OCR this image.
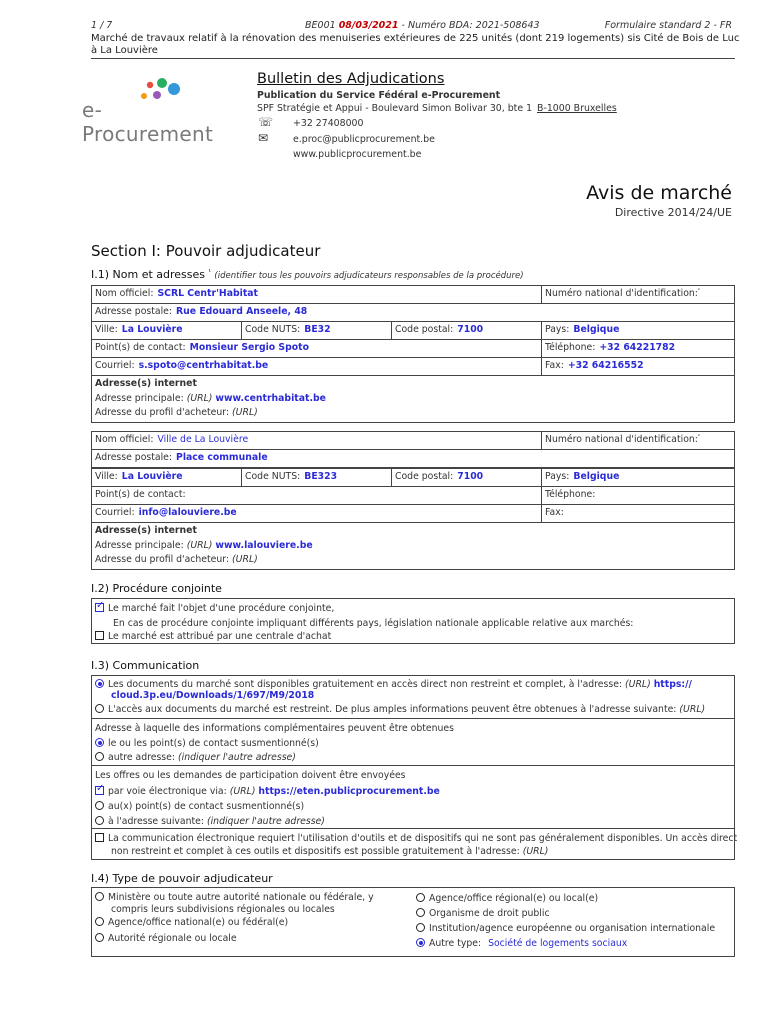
1 / 7	BE001 08/03/2021 - Numéro BDA: 2021-508643	Formulaire standard 2 - FR
Marché de travaux relatif à la rénovation des menuiseries extérieures de 225 unités (dont 219 logements) sis Cité de Bois de Luc
à La Louvière
e-Procurement
Bulletin des Adjudications
Publication du Service Fédéral e-Procurement
SPF Stratégie et Appui - Boulevard Simon Bolivar 30, bte 1 B-1000 Bruxelles
☏ +32 27408000
✉	e.proc@publicprocurement.be
www.publicprocurement.be
Avis de marché
Directive 2014/24/UE
Section I: Pouvoir adjudicateur
I.1) Nom et adresses $^{^1}$ (identifier tous les pouvoirs adjudicateurs responsables de la procédure)
Nom officiel: SCRL Centr'Habitat	Numéro national d'identification:$^{^2}$
Adresse postale: Rue Edouard Anseele, 48
Ville: La Louvière	Code NUTS: BE32	Code postal: 7100	Pays: Belgique
Point(s) de contact: Monsieur Sergio Spoto	Téléphone: +32 64221782
Courriel: s.spoto@centrhabitat.be	Fax: +32 64216552
Adresse(s) internet
Adresse principale: (URL) www.centrhabitat.be
Adresse du profil d'acheteur: (URL)
Nom officiel: Ville de La Louvière	Numéro national d'identification:$^{^2}$
Adresse postale: Place communale
Ville: La Louvière	Code NUTS: BE323	Code postal: 7100	Pays: Belgique
Point(s) de contact:	Téléphone:
Courriel: info@lalouviere.be	Fax:
Adresse(s) internet
Adresse principale: (URL) www.lalouviere.be
Adresse du profil d'acheteur: (URL)
I.2) Procédure conjointe
✓Le marché fait l'objet d'une procédure conjointe,
En cas de procédure conjointe impliquant différents pays, législation nationale applicable relative aux marchés:
Le marché est attribué par une centrale d'achat
I.3) Communication
Les documents du marché sont disponibles gratuitement en accès direct non restreint et complet, à l'adresse: (URL) https://
cloud.3p.eu/Downloads/1/697/M9/2018
L'accès aux documents du marché est restreint. De plus amples informations peuvent être obtenues à l'adresse suivante: (URL)
Adresse à laquelle des informations complémentaires peuvent être obtenues
le ou les point(s) de contact susmentionné(s)
autre adresse: (indiquer l'autre adresse)
Les offres ou les demandes de participation doivent être envoyées
✓par voie électronique via: (URL) https://eten.publicprocurement.be
au(x) point(s) de contact susmentionné(s)
à l'adresse suivante: (indiquer l'autre adresse)
La communication électronique requiert l'utilisation d'outils et de dispositifs qui ne sont pas généralement disponibles. Un accès direct
non restreint et complet à ces outils et dispositifs est possible gratuitement à l'adresse: (URL)
I.4) Type de pouvoir adjudicateur
Ministère ou toute autre autorité nationale ou fédérale, y
compris leurs subdivisions régionales ou locales
Agence/office national(e) ou fédéral(e)
Autorité régionale ou locale
Agence/office régional(e) ou local(e)
Organisme de droit public
Institution/agence européenne ou organisation internationale
Autre type: Société de logements sociaux
